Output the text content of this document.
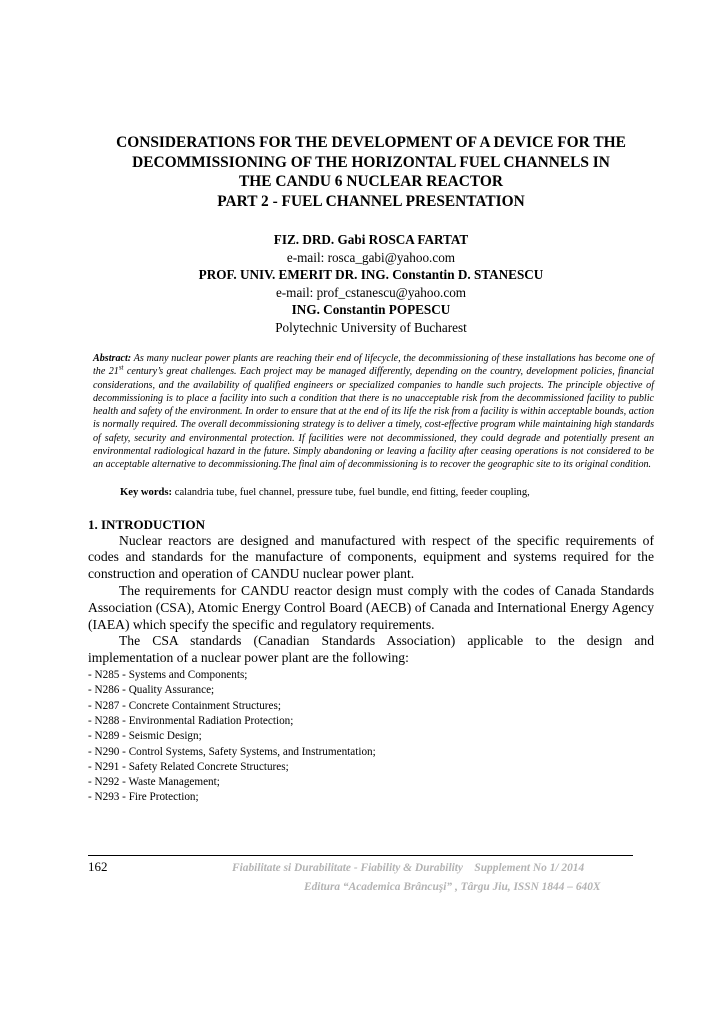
CONSIDERATIONS FOR THE DEVELOPMENT OF A DEVICE FOR THE
DECOMMISSIONING OF THE HORIZONTAL FUEL CHANNELS IN
THE CANDU 6 NUCLEAR REACTOR
PART 2 - FUEL CHANNEL PRESENTATION
FIZ. DRD. Gabi ROSCA FARTAT
e-mail: rosca_gabi@yahoo.com
PROF. UNIV. EMERIT DR. ING. Constantin D. STANESCU
e-mail: prof_cstanescu@yahoo.com
ING. Constantin POPESCU
Polytechnic University of Bucharest
Abstract: As many nuclear power plants are reaching their end of lifecycle, the decommissioning of these installations has become one of the 21st century’s great challenges. Each project may be managed differently, depending on the country, development policies, financial considerations, and the availability of qualified engineers or specialized companies to handle such projects. The principle objective of decommissioning is to place a facility into such a condition that there is no unacceptable risk from the decommissioned facility to public health and safety of the environment. In order to ensure that at the end of its life the risk from a facility is within acceptable bounds, action is normally required. The overall decommissioning strategy is to deliver a timely, cost-effective program while maintaining high standards of safety, security and environmental protection. If facilities were not decommissioned, they could degrade and potentially present an environmental radiological hazard in the future. Simply abandoning or leaving a facility after ceasing operations is not considered to be an acceptable alternative to decommissioning.The final aim of decommissioning is to recover the geographic site to its original condition.
Key words: calandria tube, fuel channel, pressure tube, fuel bundle, end fitting, feeder coupling,
1. INTRODUCTION
Nuclear reactors are designed and manufactured with respect of the specific requirements of codes and standards for the manufacture of components, equipment and systems required for the construction and operation of CANDU nuclear power plant.
The requirements for CANDU reactor design must comply with the codes of Canada Standards Association (CSA), Atomic Energy Control Board (AECB) of Canada and International Energy Agency (IAEA) which specify the specific and regulatory requirements.
The CSA standards (Canadian Standards Association) applicable to the design and implementation of a nuclear power plant are the following:
- N285 - Systems and Components;
- N286 - Quality Assurance;
- N287 - Concrete Containment Structures;
- N288 - Environmental Radiation Protection;
- N289 - Seismic Design;
- N290 - Control Systems, Safety Systems, and Instrumentation;
- N291 - Safety Related Concrete Structures;
- N292 - Waste Management;
- N293 - Fire Protection;
162	Fiabilitate si Durabilitate - Fiability & Durability    Supplement No 1/ 2014
Editura “Academica Brâncuşi” , Târgu Jiu, ISSN 1844 – 640X
